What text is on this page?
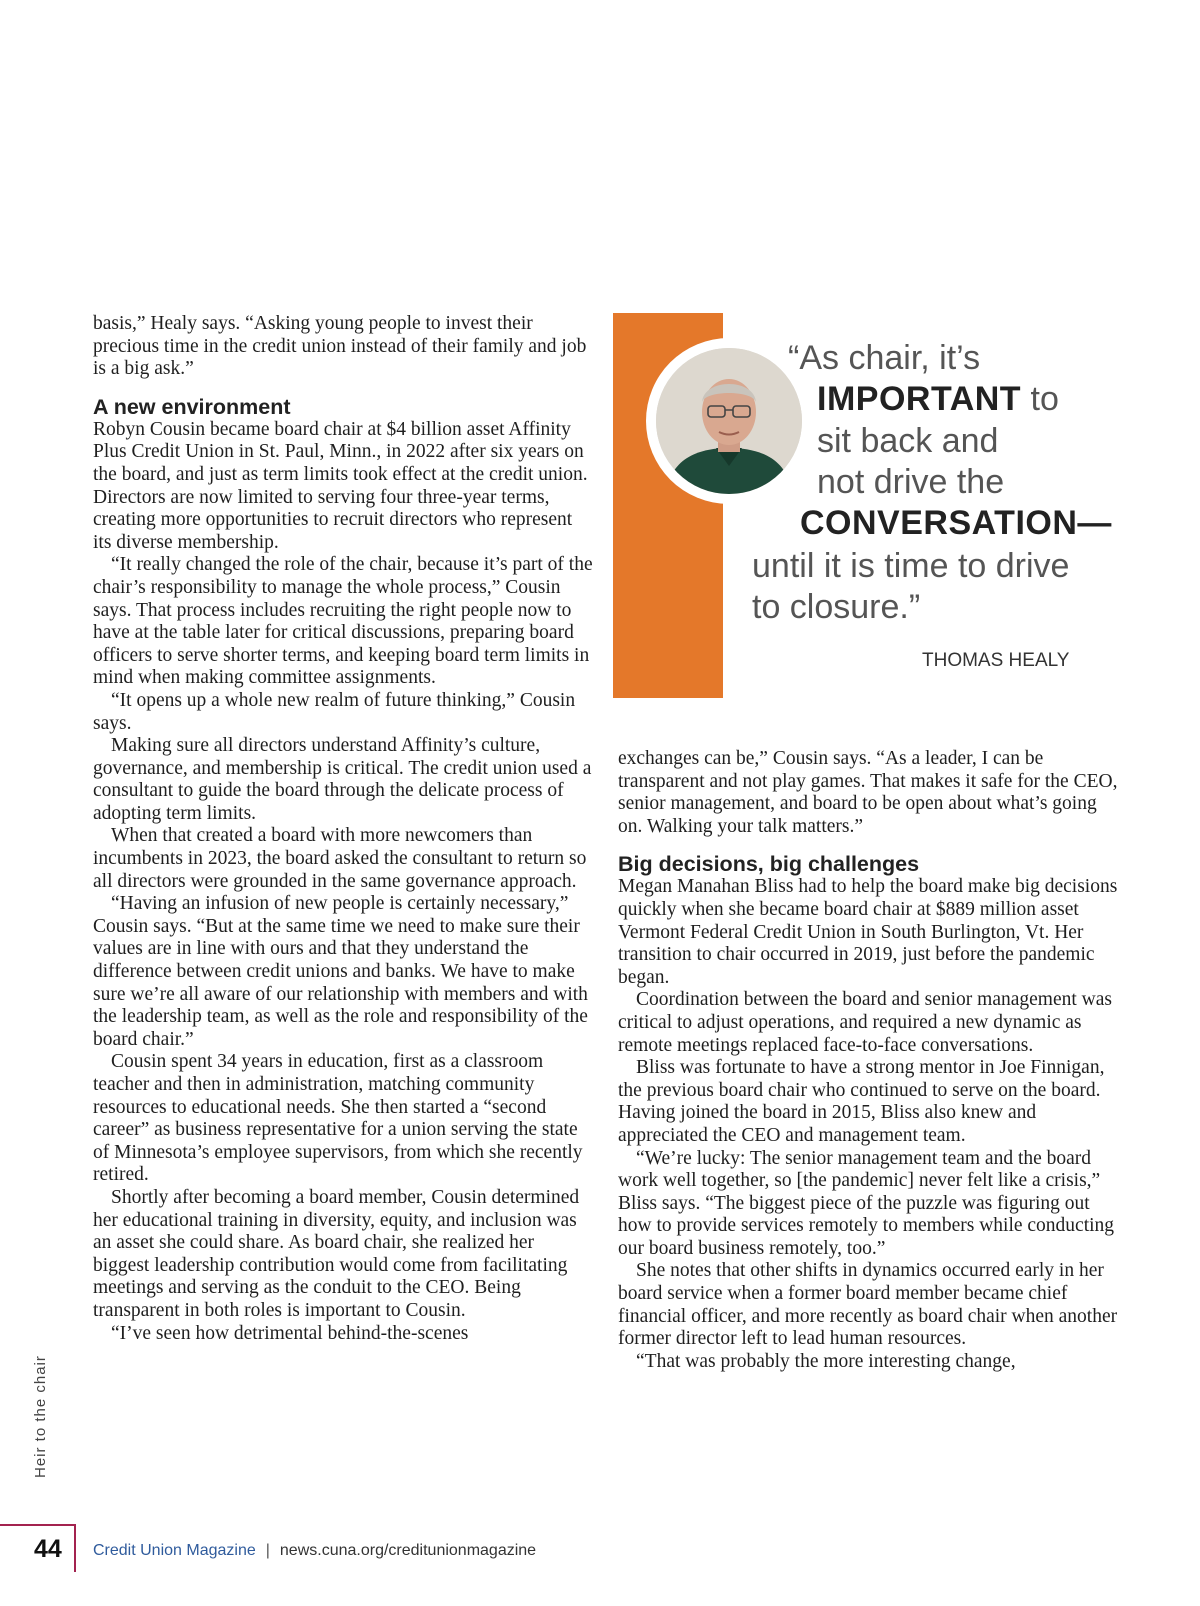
basis,” Healy says. “Asking young people to invest their precious time in the credit union instead of their family and job is a big ask.”

A new environment

Robyn Cousin became board chair at $4 billion asset Affinity Plus Credit Union in St. Paul, Minn., in 2022 after six years on the board, and just as term limits took effect at the credit union. Directors are now limited to serving four three-year terms, creating more opportunities to recruit directors who represent its diverse membership.

“It really changed the role of the chair, because it’s part of the chair’s responsibility to manage the whole process,” Cousin says. That process includes recruiting the right people now to have at the table later for critical discussions, preparing board officers to serve shorter terms, and keeping board term limits in mind when making committee assignments.

“It opens up a whole new realm of future thinking,” Cousin says.

Making sure all directors understand Affinity’s culture, governance, and membership is critical. The credit union used a consultant to guide the board through the delicate process of adopting term limits.

When that created a board with more newcomers than incumbents in 2023, the board asked the consultant to return so all directors were grounded in the same governance approach.

“Having an infusion of new people is certainly necessary,” Cousin says. “But at the same time we need to make sure their values are in line with ours and that they understand the difference between credit unions and banks. We have to make sure we’re all aware of our relationship with members and with the leadership team, as well as the role and responsibility of the board chair.”

Cousin spent 34 years in education, first as a classroom teacher and then in administration, matching community resources to educational needs. She then started a “second career” as business representative for a union serving the state of Minnesota’s employee supervisors, from which she recently retired.

Shortly after becoming a board member, Cousin determined her educational training in diversity, equity, and inclusion was an asset she could share. As board chair, she realized her biggest leadership contribution would come from facilitating meetings and serving as the conduit to the CEO. Being transparent in both roles is important to Cousin.

“I’ve seen how detrimental behind-the-scenes

“As chair, it’s
IMPORTANT to
sit back and
not drive the
CONVERSATION—
until it is time to drive
to closure.”
THOMAS HEALY

exchanges can be,” Cousin says. “As a leader, I can be transparent and not play games. That makes it safe for the CEO, senior management, and board to be open about what’s going on. Walking your talk matters.”

Big decisions, big challenges

Megan Manahan Bliss had to help the board make big decisions quickly when she became board chair at $889 million asset Vermont Federal Credit Union in South Burlington, Vt. Her transition to chair occurred in 2019, just before the pandemic began.

Coordination between the board and senior management was critical to adjust operations, and required a new dynamic as remote meetings replaced face-to-face conversations.

Bliss was fortunate to have a strong mentor in Joe Finnigan, the previous board chair who continued to serve on the board. Having joined the board in 2015, Bliss also knew and appreciated the CEO and management team.

“We’re lucky: The senior management team and the board work well together, so [the pandemic] never felt like a crisis,” Bliss says. “The biggest piece of the puzzle was figuring out how to provide services remotely to members while conducting our board business remotely, too.”

She notes that other shifts in dynamics occurred early in her board service when a former board member became chief financial officer, and more recently as board chair when another former director left to lead human resources.

“That was probably the more interesting change,

Heir to the chair
44 Credit Union Magazine | news.cuna.org/creditunionmagazine
